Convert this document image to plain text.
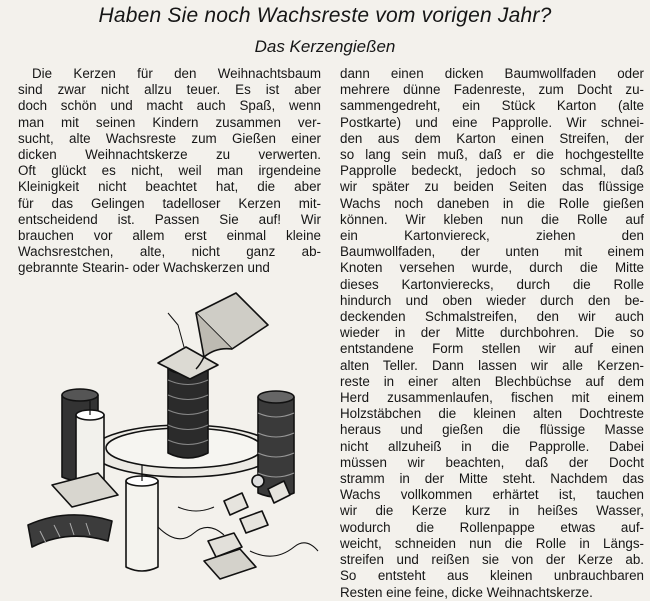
Haben Sie noch Wachsreste vom vorigen Jahr?
Das Kerzengießen
Die Kerzen für den Weihnachtsbaum
sind zwar nicht allzu teuer. Es ist aber
doch schön und macht auch Spaß, wenn
man mit seinen Kindern zusammen ver-
sucht, alte Wachsreste zum Gießen einer
dicken Weihnachtskerze zu verwerten.
Oft glückt es nicht, weil man irgendeine
Kleinigkeit nicht beachtet hat, die aber
für das Gelingen tadelloser Kerzen mit-
entscheidend ist. Passen Sie auf! Wir
brauchen vor allem erst einmal kleine
Wachsrestchen, alte, nicht ganz ab-
gebrannte Stearin- oder Wachskerzen und
dann einen dicken Baumwollfaden oder
mehrere dünne Fadenreste, zum Docht zu-
sammengedreht, ein Stück Karton (alte
Postkarte) und eine Papprolle. Wir schnei-
den aus dem Karton einen Streifen, der
so lang sein muß, daß er die hochgestellte
Papprolle bedeckt, jedoch so schmal, daß
wir später zu beiden Seiten das flüssige
Wachs noch daneben in die Rolle gießen
können. Wir kleben nun die Rolle auf
ein Kartonviereck, ziehen den
Baumwollfaden, der unten mit einem
Knoten versehen wurde, durch die Mitte
dieses Kartonvierecks, durch die Rolle
hindurch und oben wieder durch den be-
deckenden Schmalstreifen, den wir auch
wieder in der Mitte durchbohren. Die so
entstandene Form stellen wir auf einen
alten Teller. Dann lassen wir alle Kerzen-
reste in einer alten Blechbüchse auf dem
Herd zusammenlaufen, fischen mit einem
Holzstäbchen die kleinen alten Dochtreste
heraus und gießen die flüssige Masse
nicht allzuheiß in die Papprolle. Dabei
müssen wir beachten, daß der Docht
stramm in der Mitte steht. Nachdem das
Wachs vollkommen erhärtet ist, tauchen
wir die Kerze kurz in heißes Wasser,
wodurch die Rollenpappe etwas auf-
weicht, schneiden nun die Rolle in Längs-
streifen und reißen sie von der Kerze ab.
So entsteht aus kleinen unbrauchbaren
Resten eine feine, dicke Weihnachtskerze.
